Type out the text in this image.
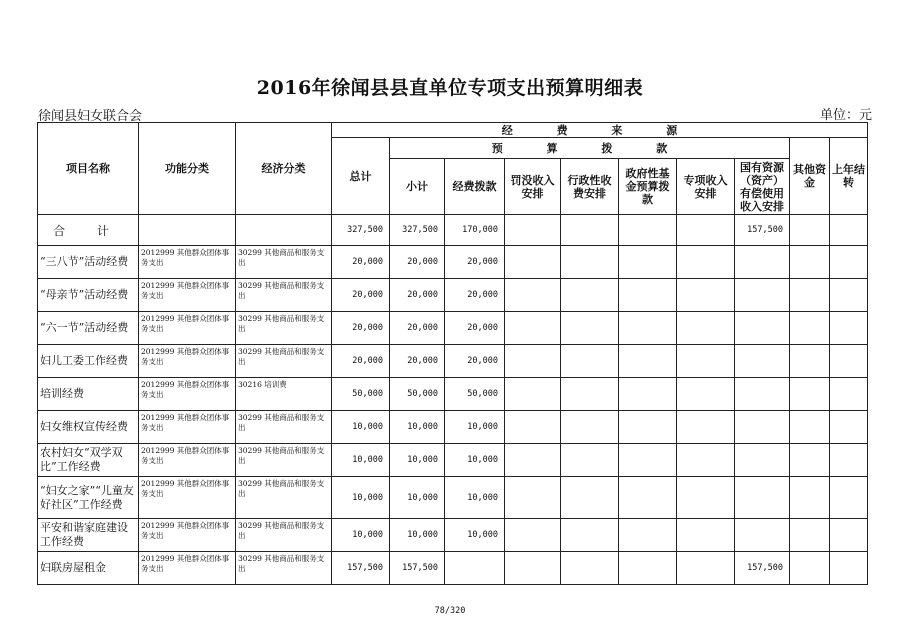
2016年徐闻县县直单位专项支出预算明细表
徐闻县妇女联合会	单位：元
项目名称	功能分类	经济分类	经 费 来 源									
			总计	预 算 拨 款							其他资金	上年结转
				小计	经费拨款	罚没收入安排	行政性收费安排	政府性基金预算拨款	专项收入安排	国有资源（资产）有偿使用收入安排		
合 计			327,500	327,500	170,000					157,500		
“三八节”活动经费	2012999 其他群众团体事务支出	30299 其他商品和服务支出	20,000	20,000	20,000							
“母亲节”活动经费	2012999 其他群众团体事务支出	30299 其他商品和服务支出	20,000	20,000	20,000							
“六一节”活动经费	2012999 其他群众团体事务支出	30299 其他商品和服务支出	20,000	20,000	20,000							
妇儿工委工作经费	2012999 其他群众团体事务支出	30299 其他商品和服务支出	20,000	20,000	20,000							
培训经费	2012999 其他群众团体事务支出	30216 培训费	50,000	50,000	50,000							
妇女维权宣传经费	2012999 其他群众团体事务支出	30299 其他商品和服务支出	10,000	10,000	10,000							
农村妇女“双学双比”工作经费	2012999 其他群众团体事务支出	30299 其他商品和服务支出	10,000	10,000	10,000							
“妇女之家”“儿童友好社区”工作经费	2012999 其他群众团体事务支出	30299 其他商品和服务支出	10,000	10,000	10,000							
平安和谐家庭建设工作经费	2012999 其他群众团体事务支出	30299 其他商品和服务支出	10,000	10,000	10,000							
妇联房屋租金	2012999 其他群众团体事务支出	30299 其他商品和服务支出	157,500	157,500						157,500		
78/320
